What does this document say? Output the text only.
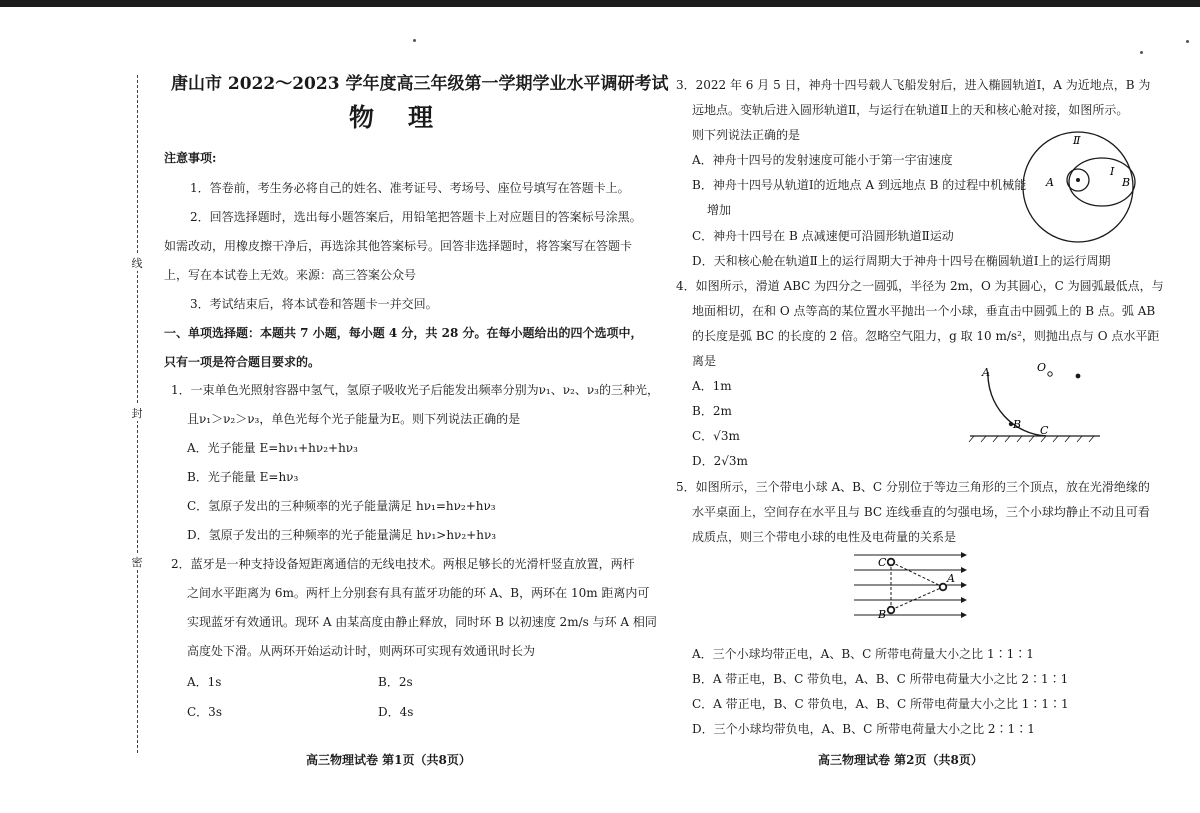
线
封
密
唐山市 2022～2023 学年度高三年级第一学期学业水平调研考试
物理
注意事项:
1．答卷前，考生务必将自己的姓名、准考证号、考场号、座位号填写在答题卡上。
2．回答选择题时，选出每小题答案后，用铅笔把答题卡上对应题目的答案标号涂黑。
如需改动，用橡皮擦干净后，再选涂其他答案标号。回答非选择题时，将答案写在答题卡
上，写在本试卷上无效。来源：高三答案公众号
3．考试结束后，将本试卷和答题卡一并交回。
一、单项选择题：本题共 7 小题，每小题 4 分，共 28 分。在每小题给出的四个选项中，
只有一项是符合题目要求的。
1．一束单色光照射容器中氢气，氢原子吸收光子后能发出频率分别为ν₁、ν₂、ν₃的三种光，
且ν₁＞ν₂＞ν₃，单色光每个光子能量为E。则下列说法正确的是
A．光子能量 E=hν₁+hν₂+hν₃
B．光子能量 E=hν₃
C．氢原子发出的三种频率的光子能量满足 hν₁=hν₂+hν₃
D．氢原子发出的三种频率的光子能量满足 hν₁>hν₂+hν₃
2．蓝牙是一种支持设备短距离通信的无线电技术。两根足够长的光滑杆竖直放置，两杆
之间水平距离为 6m。两杆上分别套有具有蓝牙功能的环 A、B，两环在 10m 距离内可
实现蓝牙有效通讯。现环 A 由某高度由静止释放，同时环 B 以初速度 2m/s 与环 A 相同
高度处下滑。从两环开始运动计时，则两环可实现有效通讯时长为
A．1s	B．2s
C．3s	D．4s
高三物理试卷 第1页（共8页）
3．2022 年 6 月 5 日，神舟十四号载人飞船发射后，进入椭圆轨道Ⅰ，A 为近地点，B 为
远地点。变轨后进入圆形轨道Ⅱ，与运行在轨道Ⅱ上的天和核心舱对接，如图所示。
则下列说法正确的是
A．神舟十四号的发射速度可能小于第一宇宙速度
B．神舟十四号从轨道Ⅰ的近地点 A 到远地点 B 的过程中机械能
增加
C．神舟十四号在 B 点减速便可沿圆形轨道Ⅱ运动
D．天和核心舱在轨道Ⅱ上的运行周期大于神舟十四号在椭圆轨道Ⅰ上的运行周期
Ⅱ
Ⅰ
A	B
4．如图所示，滑道 ABC 为四分之一圆弧，半径为 2m，O 为其圆心，C 为圆弧最低点，与
地面相切，在和 O 点等高的某位置水平抛出一个小球，垂直击中圆弧上的 B 点。弧 AB
的长度是弧 BC 的长度的 2 倍。忽略空气阻力，g 取 10 m/s²，则抛出点与 O 点水平距
离是
A．1m
B．2m
C．√3m
D．2√3m
A	O
B C
5．如图所示，三个带电小球 A、B、C 分别位于等边三角形的三个顶点，放在光滑绝缘的
水平桌面上，空间存在水平且与 BC 连线垂直的匀强电场，三个小球均静止不动且可看
成质点，则三个带电小球的电性及电荷量的关系是
C
B
A
A．三个小球均带正电，A、B、C 所带电荷量大小之比 1∶1∶1
B．A 带正电，B、C 带负电，A、B、C 所带电荷量大小之比 2∶1∶1
C．A 带正电，B、C 带负电，A、B、C 所带电荷量大小之比 1∶1∶1
D．三个小球均带负电，A、B、C 所带电荷量大小之比 2∶1∶1
高三物理试卷 第2页（共8页）
